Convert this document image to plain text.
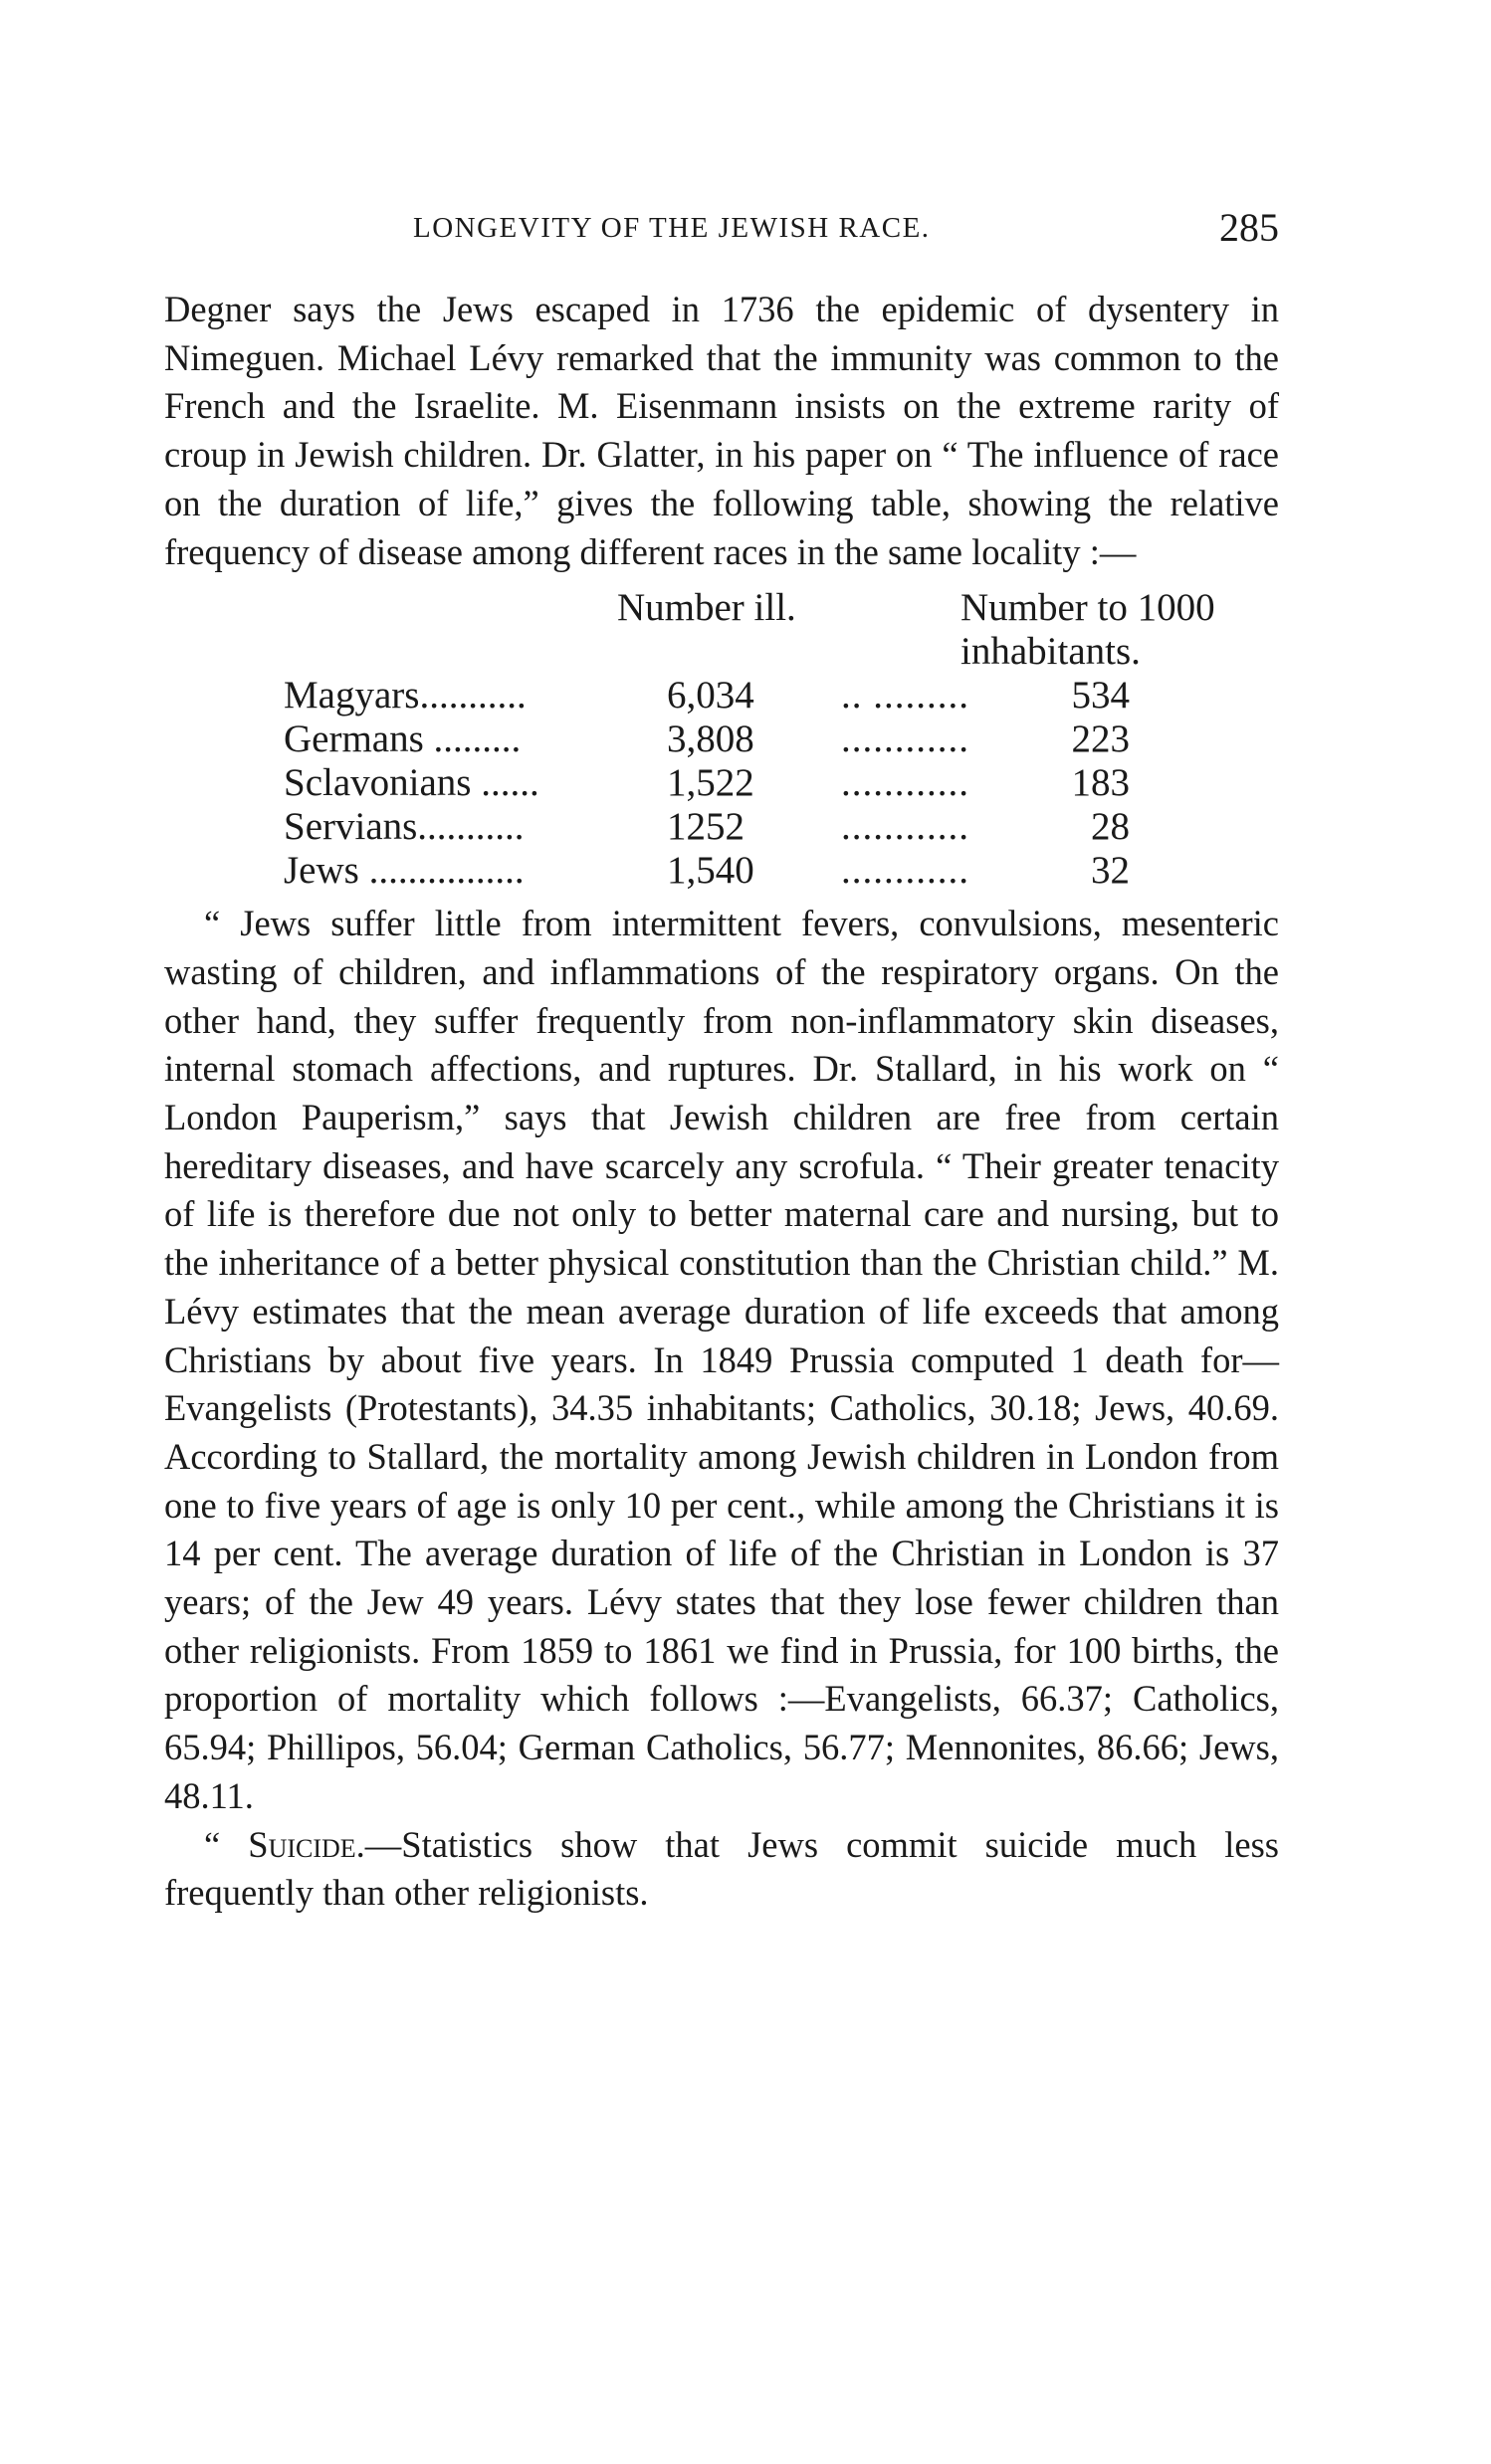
LONGEVITY OF THE JEWISH RACE.	285

Degner says the Jews escaped in 1736 the epidemic of dysentery in Nimeguen. Michael Lévy remarked that the immunity was common to the French and the Israelite. M. Eisenmann insists on the extreme rarity of croup in Jewish children. Dr. Glatter, in his paper on “ The influence of race on the duration of life,” gives the following table, showing the relative frequency of disease among different races in the same locality :—

Number ill.	Number to 1000
inhabitants.
Magyars...........	6,034 .. .........	534
Germans .........	3,808 ............	223
Sclavonians ......	1,522 ............	183
Servians...........	1252 ............	28
Jews ................	1,540 ............	32

“ Jews suffer little from intermittent fevers, convulsions, mesenteric wasting of children, and inflammations of the respiratory organs. On the other hand, they suffer frequently from non-inflammatory skin diseases, internal stomach affections, and ruptures. Dr. Stallard, in his work on “ London Pauperism,” says that Jewish children are free from certain hereditary diseases, and have scarcely any scrofula. “ Their greater tenacity of life is therefore due not only to better maternal care and nursing, but to the inheritance of a better physical constitution than the Christian child.” M. Lévy estimates that the mean average duration of life exceeds that among Christians by about five years. In 1849 Prussia computed 1 death for—Evangelists (Protestants), 34.35 inhabitants; Catholics, 30.18; Jews, 40.69. According to Stallard, the mortality among Jewish children in London from one to five years of age is only 10 per cent., while among the Christians it is 14 per cent. The average duration of life of the Christian in London is 37 years; of the Jew 49 years. Lévy states that they lose fewer children than other religionists. From 1859 to 1861 we find in Prussia, for 100 births, the proportion of mortality which follows :—Evangelists, 66.37; Catholics, 65.94; Phillipos, 56.04; German Catholics, 56.77; Mennonites, 86.66; Jews, 48.11.

“ Suicide.—Statistics show that Jews commit suicide much less frequently than other religionists.
